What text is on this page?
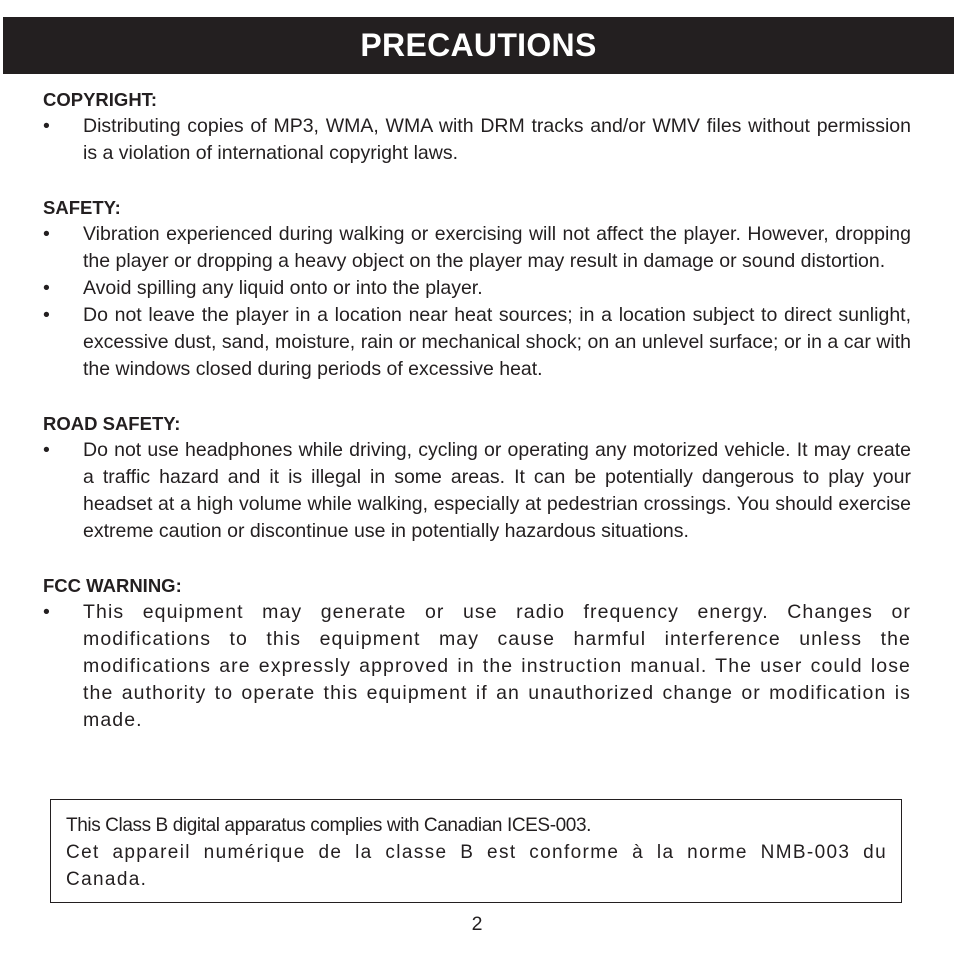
PRECAUTIONS
COPYRIGHT:
• Distributing copies of MP3, WMA, WMA with DRM tracks and/or WMV files without permission is a violation of international copyright laws.
SAFETY:
• Vibration experienced during walking or exercising will not affect the player. However, dropping the player or dropping a heavy object on the player may result in damage or sound distortion.
• Avoid spilling any liquid onto or into the player.
• Do not leave the player in a location near heat sources; in a location subject to direct sunlight, excessive dust, sand, moisture, rain or mechanical shock; on an unlevel surface; or in a car with the windows closed during periods of excessive heat.
ROAD SAFETY:
• Do not use headphones while driving, cycling or operating any motorized vehicle. It may create a traffic hazard and it is illegal in some areas. It can be potentially dangerous to play your headset at a high volume while walking, especially at pedestrian crossings. You should exercise extreme caution or discontinue use in potentially hazardous situations.
FCC WARNING:
• This equipment may generate or use radio frequency energy. Changes or modifications to this equipment may cause harmful interference unless the modifications are expressly approved in the instruction manual. The user could lose the authority to operate this equipment if an unauthorized change or modification is made.
This Class B digital apparatus complies with Canadian ICES-003.
Cet appareil numérique de la classe B est conforme à la norme NMB-003 du Canada.
2
